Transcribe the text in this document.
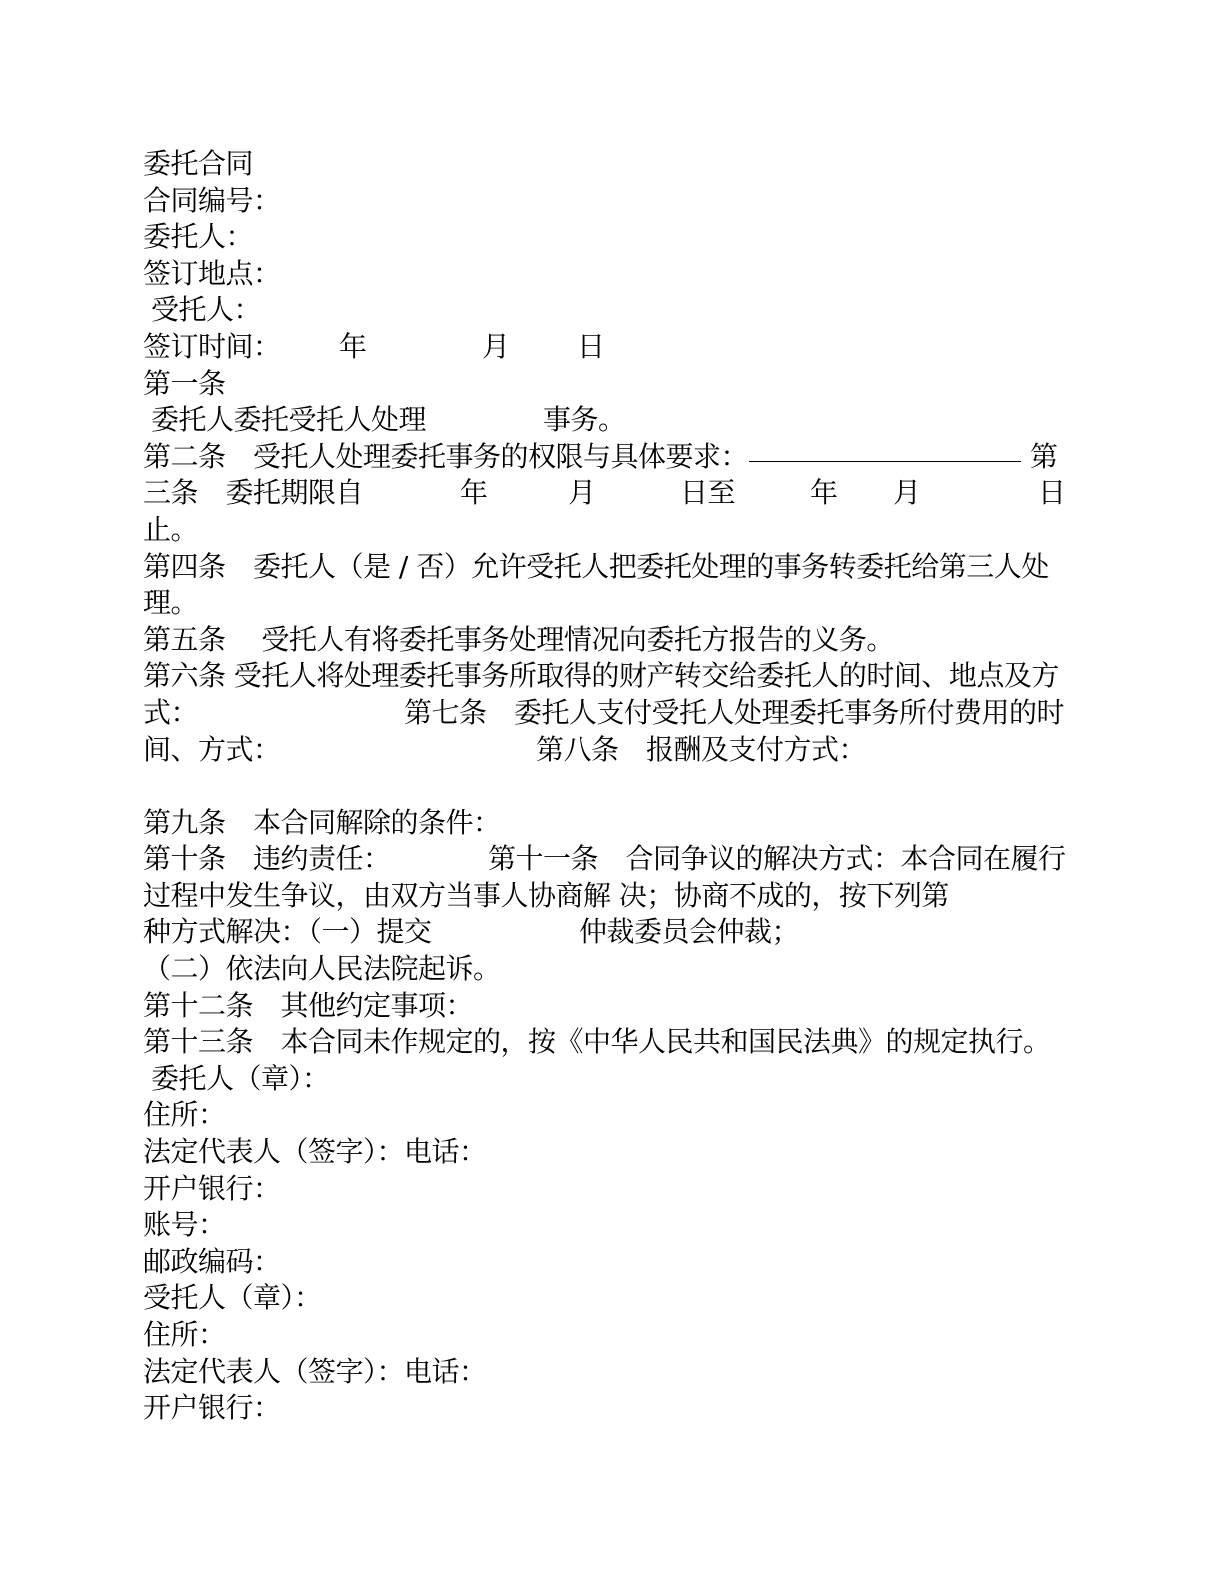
委托合同
合同编号：
委托人：
签订地点：
受托人：

签订时间：

年

	月

日

第一条

委托人委托受托人处理

	事务。

第二条　受托人处理委托事务的权限与具体要求：

	第

三条　委托期限自

	年

	月

	日至

	年

月

	日

止。
第四条　委托人（是 / 否）允许受托人把委托处理的事务转委托给第三人处
理。
第五条　 受托人有将委托事务处理情况向委托方报告的义务。
第六条 受托人将处理委托事务所取得的财产转交给委托人的时间、地点及方

式：

	第七条　委托人支付受托人处理委托事务所付费用的时

间、方式：

	第八条　报酬及支付方式：

第九条　本合同解除的条件：

第十条　违约责任：

	第十一条　合同争议的解决方式：本合同在履行

过程中发生争议，由双方当事人协商解 决；协商不成的，按下列第

种方式解决：（一）提交

	仲裁委员会仲裁；

（二）依法向人民法院起诉。
第十二条　其他约定事项：
第十三条　本合同未作规定的，按《中华人民共和国民法典》的规定执行。
委托人（章）：
住所：
法定代表人（签字）：电话：
开户银行：
账号：
邮政编码：
受托人（章）：
住所：
法定代表人（签字）：电话：
开户银行：
